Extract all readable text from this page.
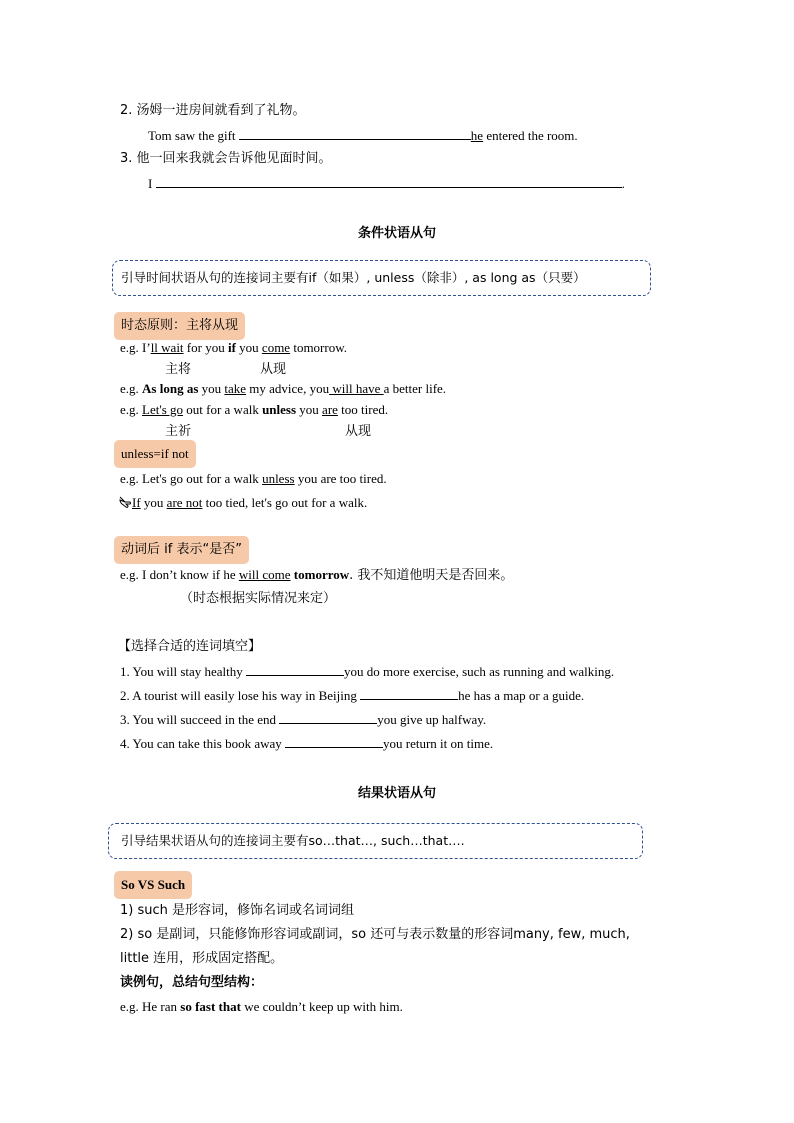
2. 汤姆一进房间就看到了礼物。
Tom saw the gift	he entered the room.
3. 他一回来我就会告诉他见面时间。
I	.
条件状语从句
引导时间状语从句的连接词主要有if（如果）, unless（除非）, as long as（只要）
时态原则：主将从现
e.g. I’ll wait for you if you come tomorrow.
主将	从现
e.g. As long as you take my advice, you will have a better life.
e.g. Let's go out for a walk unless you are too tired.
主祈	从现
unless=if not
e.g. Let's go out for a walk unless you are too tired.
If you are not too tied, let's go out for a walk.
动词后 if 表示“是否”
e.g. I don’t know if he will come tomorrow. 我不知道他明天是否回来。
（时态根据实际情况来定）
【选择合适的连词填空】
1. You will stay healthy	you do more exercise, such as running and walking.
2. A tourist will easily lose his way in Beijing	he has a map or a guide.
3. You will succeed in the end	you give up halfway.
4. You can take this book away	you return it on time.
结果状语从句
引导结果状语从句的连接词主要有so…that…, such…that….
So VS Such
1) such 是形容词，修饰名词或名词词组
2) so 是副词，只能修饰形容词或副词，so 还可与表示数量的形容词many, few, much,
little 连用，形成固定搭配。
读例句，总结句型结构：
e.g. He ran so fast that we couldn’t keep up with him.
